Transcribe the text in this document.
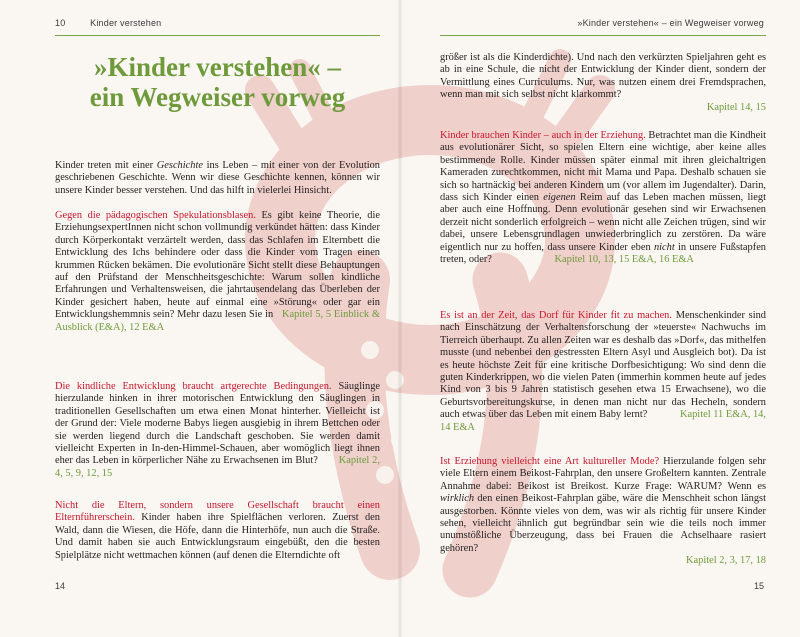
10	Kinder verstehen
»Kinder verstehen« –
ein Wegweiser vorweg

Kinder treten mit einer Geschichte ins Leben – mit einer von der Evolution geschriebenen Geschichte. Wenn wir diese Geschichte kennen, können wir unsere Kinder besser verstehen. Und das hilft in vielerlei Hinsicht.

Gegen die pädagogischen Spekulationsblasen. Es gibt keine Theorie, die ErziehungsexpertInnen nicht schon vollmundig verkündet hätten: dass Kinder durch Körperkontakt verzärtelt werden, dass das Schlafen im Elternbett die Entwicklung des Ichs behindere oder dass die Kinder vom Tragen einen krummen Rücken bekämen. Die evolutionäre Sicht stellt diese Behauptungen auf den Prüfstand der Menschheitsgeschichte: Warum sollen kindliche Erfahrungen und Verhaltensweisen, die jahrtausendelang das Überleben der Kinder gesichert haben, heute auf einmal eine »Störung« oder gar ein Entwicklungshemmnis sein? Mehr dazu lesen Sie in Kapitel 5, 5 Einblick & Ausblick (E&A), 12 E&A

Die kindliche Entwicklung braucht artgerechte Bedingungen. Säuglinge hierzulande hinken in ihrer motorischen Entwicklung den Säuglingen in traditionellen Gesellschaften um etwa einen Monat hinterher. Vielleicht ist der Grund der: Viele moderne Babys liegen ausgiebig in ihrem Bettchen oder sie werden liegend durch die Landschaft geschoben. Sie werden damit vielleicht Experten in In-den-Himmel-Schauen, aber womöglich liegt ihnen eher das Leben in körperlicher Nähe zu Erwachsenen im Blut? Kapitel 2, 4, 5, 9, 12, 15

Nicht die Eltern, sondern unsere Gesellschaft braucht einen Elternführerschein. Kinder haben ihre Spielflächen verloren. Zuerst den Wald, dann die Wiesen, die Höfe, dann die Hinterhöfe, nun auch die Straße. Und damit haben sie auch Entwicklungsraum eingebüßt, den die besten Spielplätze nicht wettmachen können (auf denen die Elterndichte oft

14
»Kinder verstehen« – ein Wegweiser vorweg

größer ist als die Kinderdichte). Und nach den verkürzten Spieljahren geht es ab in eine Schule, die nicht der Entwicklung der Kinder dient, sondern der Vermittlung eines Curriculums. Nur, was nutzen einem drei Fremdsprachen, wenn man mit sich selbst nicht klarkommt?

Kapitel 14, 15

Kinder brauchen Kinder – auch in der Erziehung. Betrachtet man die Kindheit aus evolutionärer Sicht, so spielen Eltern eine wichtige, aber keine alles bestimmende Rolle. Kinder müssen später einmal mit ihren gleichaltrigen Kameraden zurechtkommen, nicht mit Mama und Papa. Deshalb schauen sie sich so hartnäckig bei anderen Kindern um (vor allem im Jugendalter). Darin, dass sich Kinder einen eigenen Reim auf das Leben machen müssen, liegt aber auch eine Hoffnung. Denn evolutionär gesehen sind wir Erwachsenen derzeit nicht sonderlich erfolgreich – wenn nicht alle Zeichen trügen, sind wir dabei, unsere Lebensgrundlagen unwiederbringlich zu zerstören. Da wäre eigentlich nur zu hoffen, dass unsere Kinder eben nicht in unsere Fußstapfen treten, oder?	Kapitel 10, 13, 15 E&A, 16 E&A

Es ist an der Zeit, das Dorf für Kinder fit zu machen. Menschenkinder sind nach Einschätzung der Verhaltensforschung der »teuerste« Nachwuchs im Tierreich überhaupt. Zu allen Zeiten war es deshalb das »Dorf«, das mithelfen musste (und nebenbei den gestressten Eltern Asyl und Ausgleich bot). Da ist es heute höchste Zeit für eine kritische Dorfbesichtigung: Wo sind denn die guten Kinderkrippen, wo die vielen Paten (immerhin kommen heute auf jedes Kind von 3 bis 9 Jahren statistisch gesehen etwa 15 Erwachsene), wo die Geburtsvorbereitungskurse, in denen man nicht nur das Hecheln, sondern auch etwas über das Leben mit einem Baby lernt?	Kapitel 11 E&A, 14, 14 E&A

Ist Erziehung vielleicht eine Art kultureller Mode? Hierzulande folgen sehr viele Eltern einem Beikost-Fahrplan, den unsere Großeltern kannten. Zentrale Annahme dabei: Beikost ist Breikost. Kurze Frage: WARUM? Wenn es wirklich den einen Beikost-Fahrplan gäbe, wäre die Menschheit schon längst ausgestorben. Könnte vieles von dem, was wir als richtig für unsere Kinder sehen, vielleicht ähnlich gut begründbar sein wie die teils noch immer unumstößliche Überzeugung, dass bei Frauen die Achselhaare rasiert gehören?

Kapitel 2, 3, 17, 18
15
